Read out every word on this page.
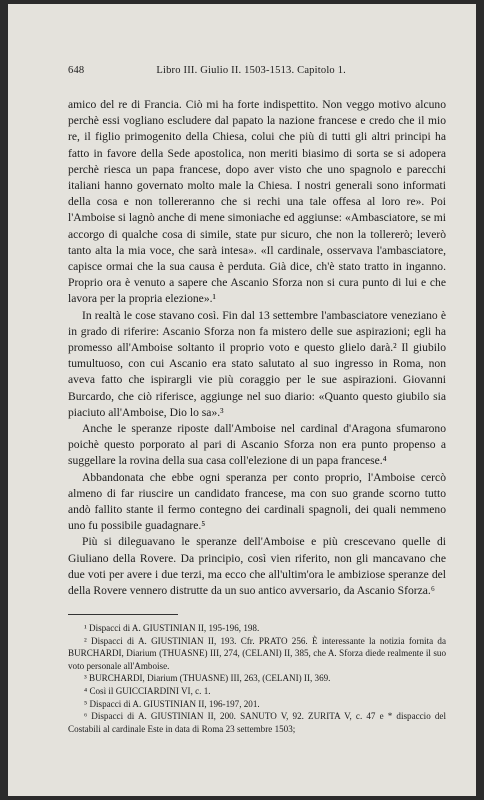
648	Libro III. Giulio II. 1503-1513. Capitolo 1.

amico del re di Francia. Ciò mi ha forte indispettito. Non veggo motivo alcuno perchè essi vogliano escludere dal papato la nazione francese e credo che il mio re, il figlio primogenito della Chiesa, colui che più di tutti gli altri principi ha fatto in favore della Sede apostolica, non meriti biasimo di sorta se si adopera perchè riesca un papa francese, dopo aver visto che uno spagnolo e parecchi italiani hanno governato molto male la Chiesa. I nostri generali sono informati della cosa e non tollereranno che si rechi una tale offesa al loro re». Poi l'Amboise si lagnò anche di mene simoniache ed aggiunse: «Ambasciatore, se mi accorgo di qualche cosa di simile, state pur sicuro, che non la tollererò; leverò tanto alta la mia voce, che sarà intesa». «Il cardinale, osservava l'ambasciatore, capisce ormai che la sua causa è perduta. Già dice, ch'è stato tratto in inganno. Proprio ora è venuto a sapere che Ascanio Sforza non si cura punto di lui e che lavora per la propria elezione».¹

In realtà le cose stavano così. Fin dal 13 settembre l'ambasciatore veneziano è in grado di riferire: Ascanio Sforza non fa mistero delle sue aspirazioni; egli ha promesso all'Amboise soltanto il proprio voto e questo glielo darà.² Il giubilo tumultuoso, con cui Ascanio era stato salutato al suo ingresso in Roma, non aveva fatto che ispirargli vie più coraggio per le sue aspirazioni. Giovanni Burcardo, che ciò riferisce, aggiunge nel suo diario: «Quanto questo giubilo sia piaciuto all'Amboise, Dio lo sa».³

Anche le speranze riposte dall'Amboise nel cardinal d'Aragona sfumarono poichè questo porporato al pari di Ascanio Sforza non era punto propenso a suggellare la rovina della sua casa coll'elezione di un papa francese.⁴

Abbandonata che ebbe ogni speranza per conto proprio, l'Amboise cercò almeno di far riuscire un candidato francese, ma con suo grande scorno tutto andò fallito stante il fermo contegno dei cardinali spagnoli, dei quali nemmeno uno fu possibile guadagnare.⁵

Più si dileguavano le speranze dell'Amboise e più crescevano quelle di Giuliano della Rovere. Da principio, così vien riferito, non gli mancavano che due voti per avere i due terzi, ma ecco che all'ultim'ora le ambiziose speranze del della Rovere vennero distrutte da un suo antico avversario, da Ascanio Sforza.⁶

¹ Dispacci di A. GIUSTINIAN II, 195-196, 198.
² Dispacci di A. GIUSTINIAN II, 193. Cfr. PRATO 256. È interessante la notizia fornita da BURCHARDI, Diarium (THUASNE) III, 274, (CELANI) II, 385, che A. Sforza diede realmente il suo voto personale all'Amboise.
³ BURCHARDI, Diarium (THUASNE) III, 263, (CELANI) II, 369.
⁴ Così il GUICCIARDINI VI, c. 1.
⁵ Dispacci di A. GIUSTINIAN II, 196-197, 201.
⁶ Dispacci di A. GIUSTINIAN II, 200. SANUTO V, 92. ZURITA V, c. 47 e * dispaccio del Costabili al cardinale Este in data di Roma 23 settembre 1503;
